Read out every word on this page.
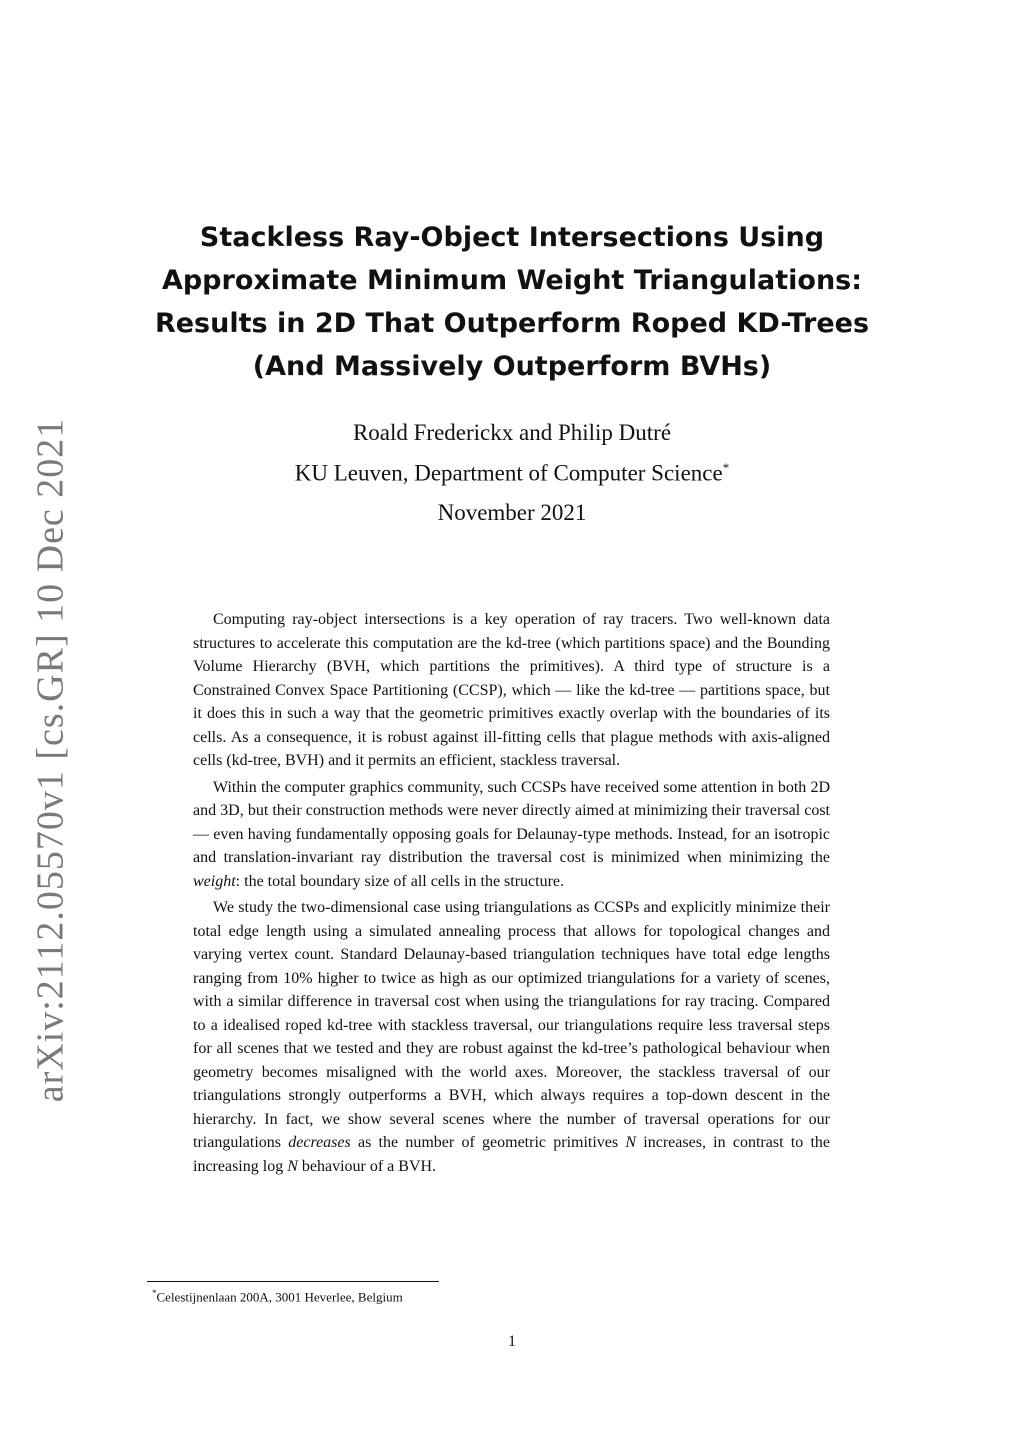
arXiv:2112.05570v1 [cs.GR] 10 Dec 2021
Stackless Ray-Object Intersections Using
Approximate Minimum Weight Triangulations:
Results in 2D That Outperform Roped KD-Trees
(And Massively Outperform BVHs)
Roald Frederickx and Philip Dutré
KU Leuven, Department of Computer Science*
November 2021

Computing ray-object intersections is a key operation of ray tracers. Two well-known data structures to accelerate this computation are the kd-tree (which partitions space) and the Bounding Volume Hierarchy (BVH, which partitions the primitives). A third type of structure is a Constrained Convex Space Partitioning (CCSP), which — like the kd-tree — partitions space, but it does this in such a way that the geometric primitives exactly overlap with the boundaries of its cells. As a consequence, it is robust against ill-fitting cells that plague methods with axis-aligned cells (kd-tree, BVH) and it permits an efficient, stackless traversal.

Within the computer graphics community, such CCSPs have received some attention in both 2D and 3D, but their construction methods were never directly aimed at minimizing their traversal cost — even having fundamentally opposing goals for Delaunay-type methods. Instead, for an isotropic and translation-invariant ray distribution the traversal cost is minimized when minimizing the weight: the total boundary size of all cells in the structure.

We study the two-dimensional case using triangulations as CCSPs and explicitly minimize their total edge length using a simulated annealing process that allows for topological changes and varying vertex count. Standard Delaunay-based triangulation techniques have total edge lengths ranging from 10% higher to twice as high as our optimized triangulations for a variety of scenes, with a similar difference in traversal cost when using the triangulations for ray tracing. Compared to a idealised roped kd-tree with stackless traversal, our triangulations require less traversal steps for all scenes that we tested and they are robust against the kd-tree’s pathological behaviour when geometry becomes misaligned with the world axes. Moreover, the stackless traversal of our triangulations strongly outperforms a BVH, which always requires a top-down descent in the hierarchy. In fact, we show several scenes where the number of traversal operations for our triangulations decreases as the number of geometric primitives N increases, in contrast to the increasing log N behaviour of a BVH.

*Celestijnenlaan 200A, 3001 Heverlee, Belgium
1
